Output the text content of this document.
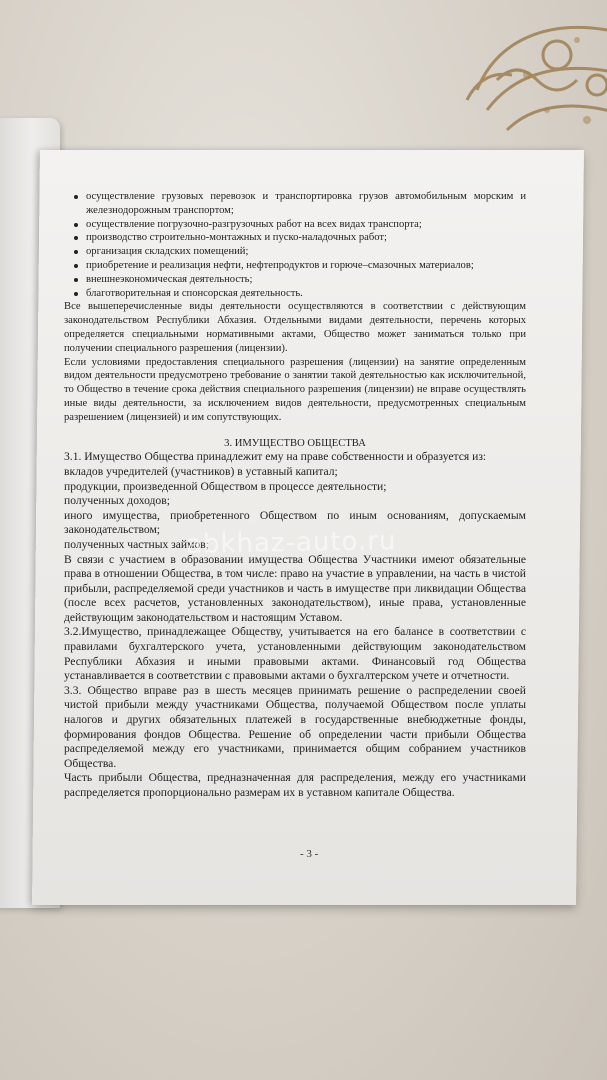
осуществление грузовых перевозок и транспортировка грузов автомобильным морским и железнодорожным транспортом;
осуществление погрузочно-разгрузочных работ на всех видах транспорта;
производство строительно-монтажных и пуско-наладочных работ;
организация складских помещений;
приобретение и реализация нефти, нефтепродуктов и горюче–смазочных материалов;
внешнеэкономическая деятельность;
благотворительная и спонсорская деятельность.

Все вышеперечисленные виды деятельности осуществляются в соответствии с действующим законодательством Республики Абхазия. Отдельными видами деятельности, перечень которых определяется специальными нормативными актами, Общество может заниматься только при получении специального разрешения (лицензии).

Если условиями предоставления специального разрешения (лицензии) на занятие определенным видом деятельности предусмотрено требование о занятии такой деятельностью как исключительной, то Общество в течение срока действия специального разрешения (лицензии) не вправе осуществлять иные виды деятельности, за исключением видов деятельности, предусмотренных специальным разрешением (лицензией) и им сопутствующих.

3. ИМУЩЕСТВО ОБЩЕСТВА

3.1. Имущество Общества принадлежит ему на праве собственности и образуется из:

вкладов учредителей (участников) в уставный капитал;

продукции, произведенной Обществом в процессе деятельности;

полученных доходов;

иного имущества, приобретенного Обществом по иным основаниям, допускаемым законодательством;

полученных частных займов;

В связи с участием в образовании имущества Общества Участники имеют обязательные права в отношении Общества, в том числе: право на участие в управлении, на часть в чистой прибыли, распределяемой среди участников и часть в имуществе при ликвидации Общества (после всех расчетов, установленных законодательством), иные права, установленные действующим законодательством и настоящим Уставом.

3.2.Имущество, принадлежащее Обществу, учитывается на его балансе в соответствии с правилами бухгалтерского учета, установленными действующим законодательством Республики Абхазия и иными правовыми актами. Финансовый год Общества устанавливается в соответствии с правовыми актами о бухгалтерском учете и отчетности.

3.3. Общество вправе раз в шесть месяцев принимать решение о распределении своей чистой прибыли между участниками Общества, получаемой Обществом после уплаты налогов и других обязательных платежей в государственные внебюджетные фонды, формирования фондов Общества. Решение об определении части прибыли Общества распределяемой между его участниками, принимается общим собранием участников Общества.

Часть прибыли Общества, предназначенная для распределения, между его участниками распределяется пропорционально размерам их в уставном капитале Общества.

abkhaz-auto.ru
- 3 -
